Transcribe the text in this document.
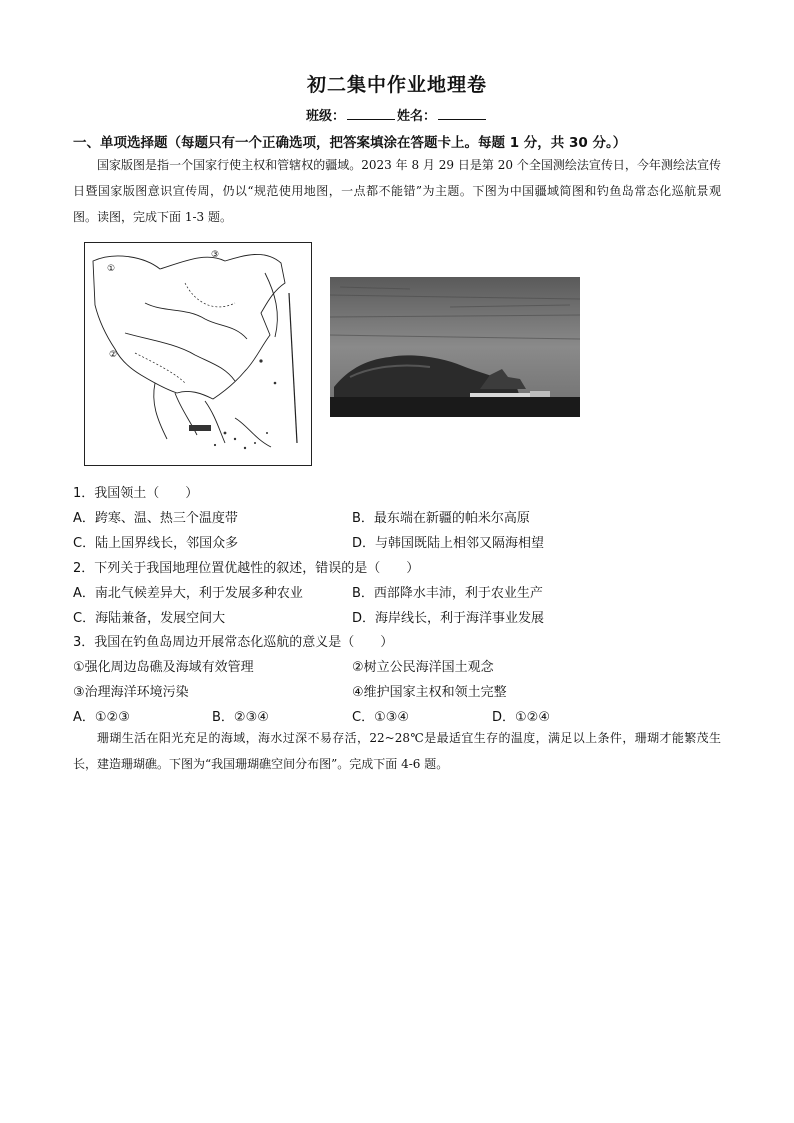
初二集中作业地理卷
班级：	姓名：
一、单项选择题（每题只有一个正确选项，把答案填涂在答题卡上。每题 1 分，共 30 分。）
国家版图是指一个国家行使主权和管辖权的疆域。2023 年 8 月 29 日是第 20 个全国测绘法宣传日，今年测绘法宣传日暨国家版图意识宣传周，仍以“规范使用地图，一点都不能错”为主题。下图为中国疆域简图和钓鱼岛常态化巡航景观图。读图，完成下面 1-3 题。
①
②
③
1．我国领土（　　）
A．跨寒、温、热三个温度带	B．最东端在新疆的帕米尔高原
C．陆上国界线长，邻国众多	D．与韩国既陆上相邻又隔海相望
2．下列关于我国地理位置优越性的叙述，错误的是（　　）
A．南北气候差异大，利于发展多种农业	B．西部降水丰沛，利于农业生产
C．海陆兼备，发展空间大	D．海岸线长，利于海洋事业发展
3．我国在钓鱼岛周边开展常态化巡航的意义是（　　）
①强化周边岛礁及海域有效管理	②树立公民海洋国土观念
③治理海洋环境污染	④维护国家主权和领土完整
A．①②③	B．②③④	C．①③④	D．①②④
珊瑚生活在阳光充足的海域，海水过深不易存活，22~28℃是最适宜生存的温度，满足以上条件，珊瑚才能繁茂生长，建造珊瑚礁。下图为“我国珊瑚礁空间分布图”。完成下面 4-6 题。
